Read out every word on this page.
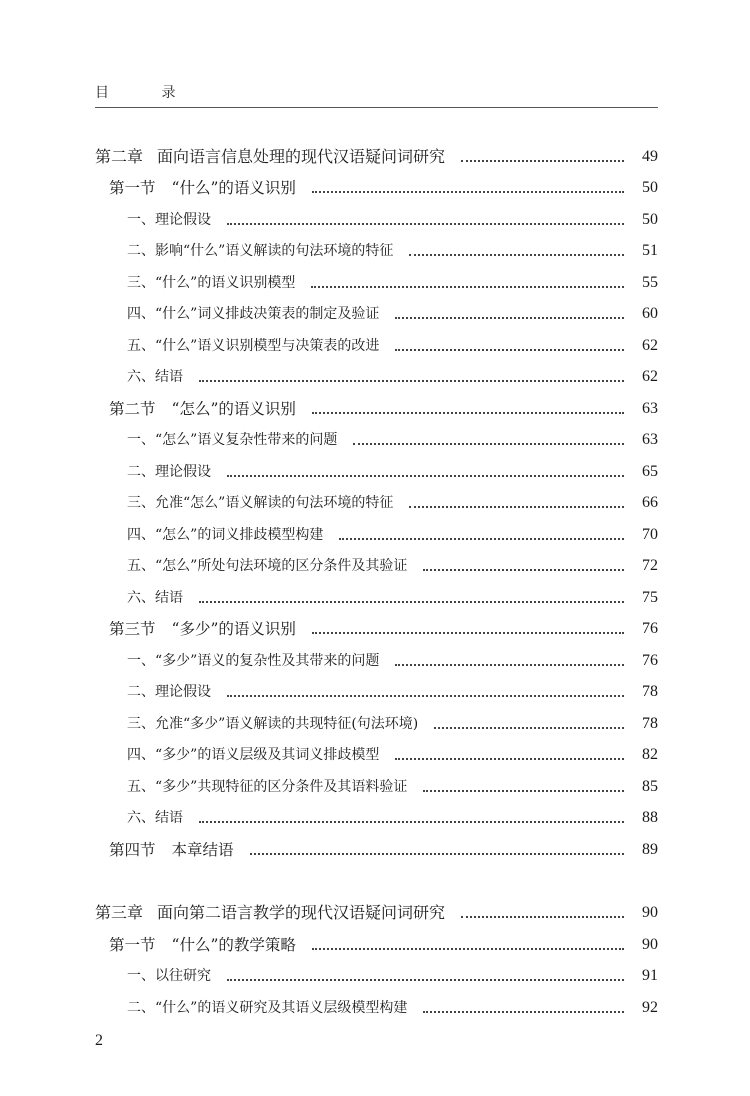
目 录
第二章 面向语言信息处理的现代汉语疑问词研究	49
第一节 “什么”的语义识别	50
一、理论假设	50
二、影响“什么”语义解读的句法环境的特征	51
三、“什么”的语义识别模型	55
四、“什么”词义排歧决策表的制定及验证	60
五、“什么”语义识别模型与决策表的改进	62
六、结语	62
第二节 “怎么”的语义识别	63
一、“怎么”语义复杂性带来的问题	63
二、理论假设	65
三、允准“怎么”语义解读的句法环境的特征	66
四、“怎么”的词义排歧模型构建	70
五、“怎么”所处句法环境的区分条件及其验证	72
六、结语	75
第三节 “多少”的语义识别	76
一、“多少”语义的复杂性及其带来的问题	76
二、理论假设	78
三、允准“多少”语义解读的共现特征(句法环境)	78
四、“多少”的语义层级及其词义排歧模型	82
五、“多少”共现特征的区分条件及其语料验证	85
六、结语	88
第四节 本章结语	89
第三章 面向第二语言教学的现代汉语疑问词研究	90
第一节 “什么”的教学策略	90
一、以往研究	91
二、“什么”的语义研究及其语义层级模型构建	92
2
